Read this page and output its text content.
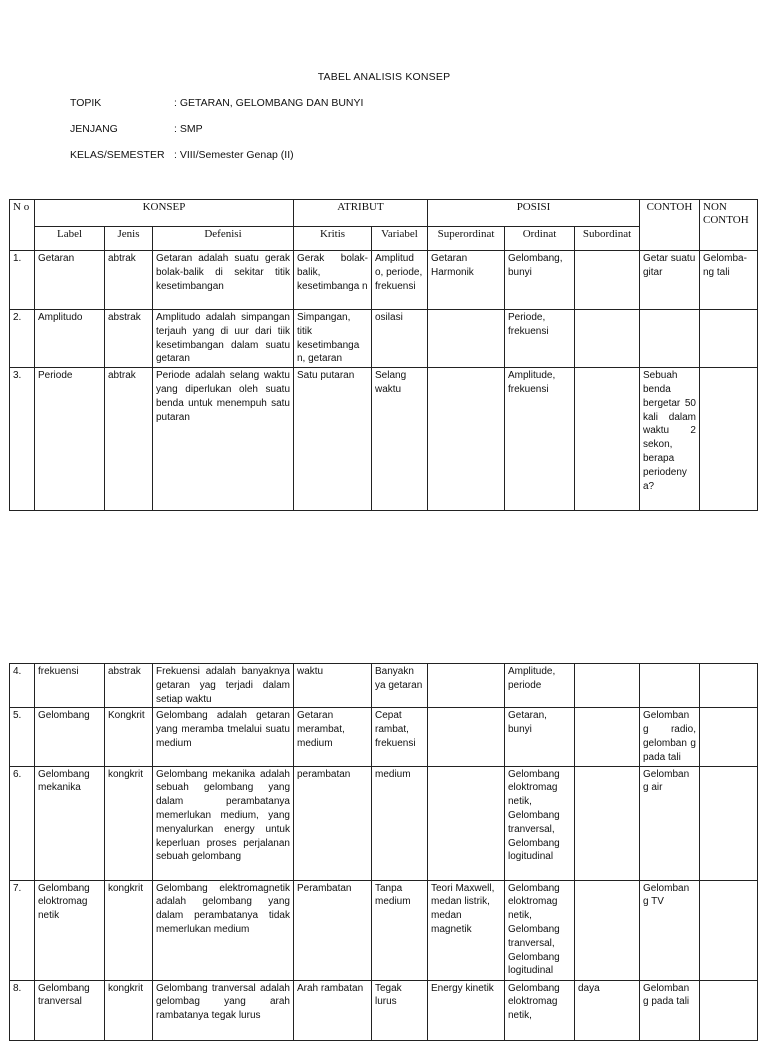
TABEL ANALISIS KONSEP
TOPIK	: GETARAN, GELOMBANG DAN BUNYI
JENJANG	: SMP
KELAS/SEMESTER: VIII/Semester Genap (II)
N o	KONSEP			ATRIBUT		POSISI			CONTOH	NON CONTOH
	Label	Jenis	Defenisi	Kritis	Variabel	Superordinat	Ordinat	Subordinat		
1.	Getaran	abtrak	Getaran adalah suatu gerak bolak-balik di sekitar titik kesetimbangan	Gerak bolak-balik, kesetimbanga n	Amplitud o, periode, frekuensi	Getaran Harmonik	Gelombang, bunyi		Getar suatu gitar	Gelomba-ng tali
2.	Amplitudo	abstrak	Amplitudo adalah simpangan terjauh yang di uur dari tiik kesetimbangan dalam suatu getaran	Simpangan, titik kesetimbanga n, getaran	osilasi		Periode, frekuensi			
3.	Periode	abtrak	Periode adalah selang waktu yang diperlukan oleh suatu benda untuk menempuh satu putaran	Satu putaran	Selang waktu		Amplitude, frekuensi		Sebuah benda bergetar 50 kali dalam waktu 2 sekon, berapa periodeny a?	
4.	frekuensi	abstrak	Frekuensi adalah banyaknya getaran yag terjadi dalam setiap waktu	waktu	Banyakn ya getaran		Amplitude, periode			
5.	Gelombang	Kongkrit	Gelombang adalah getaran yang meramba tmelalui suatu medium	Getaran merambat, medium	Cepat rambat, frekuensi		Getaran, bunyi		Gelomban g radio, gelomban g pada tali	
6.	Gelombang mekanika	kongkrit	Gelombang mekanika adalah sebuah gelombang yang dalam perambatanya memerlukan medium, yang menyalurkan energy untuk keperluan proses perjalanan sebuah gelombang	perambatan	medium		Gelombang eloktromag netik, Gelombang tranversal, Gelombang logitudinal		Gelomban g air	
7.	Gelombang eloktromag netik	kongkrit	Gelombang elektromagnetik adalah gelombang yang dalam perambatanya tidak memerlukan medium	Perambatan	Tanpa medium	Teori Maxwell, medan listrik, medan magnetik	Gelombang eloktromag netik, Gelombang tranversal, Gelombang logitudinal		Gelomban g TV	
8.	Gelombang tranversal	kongkrit	Gelombang tranversal adalah gelombag yang arah rambatanya tegak lurus	Arah rambatan	Tegak lurus	Energy kinetik	Gelombang eloktromag netik,	daya	Gelomban g pada tali	
